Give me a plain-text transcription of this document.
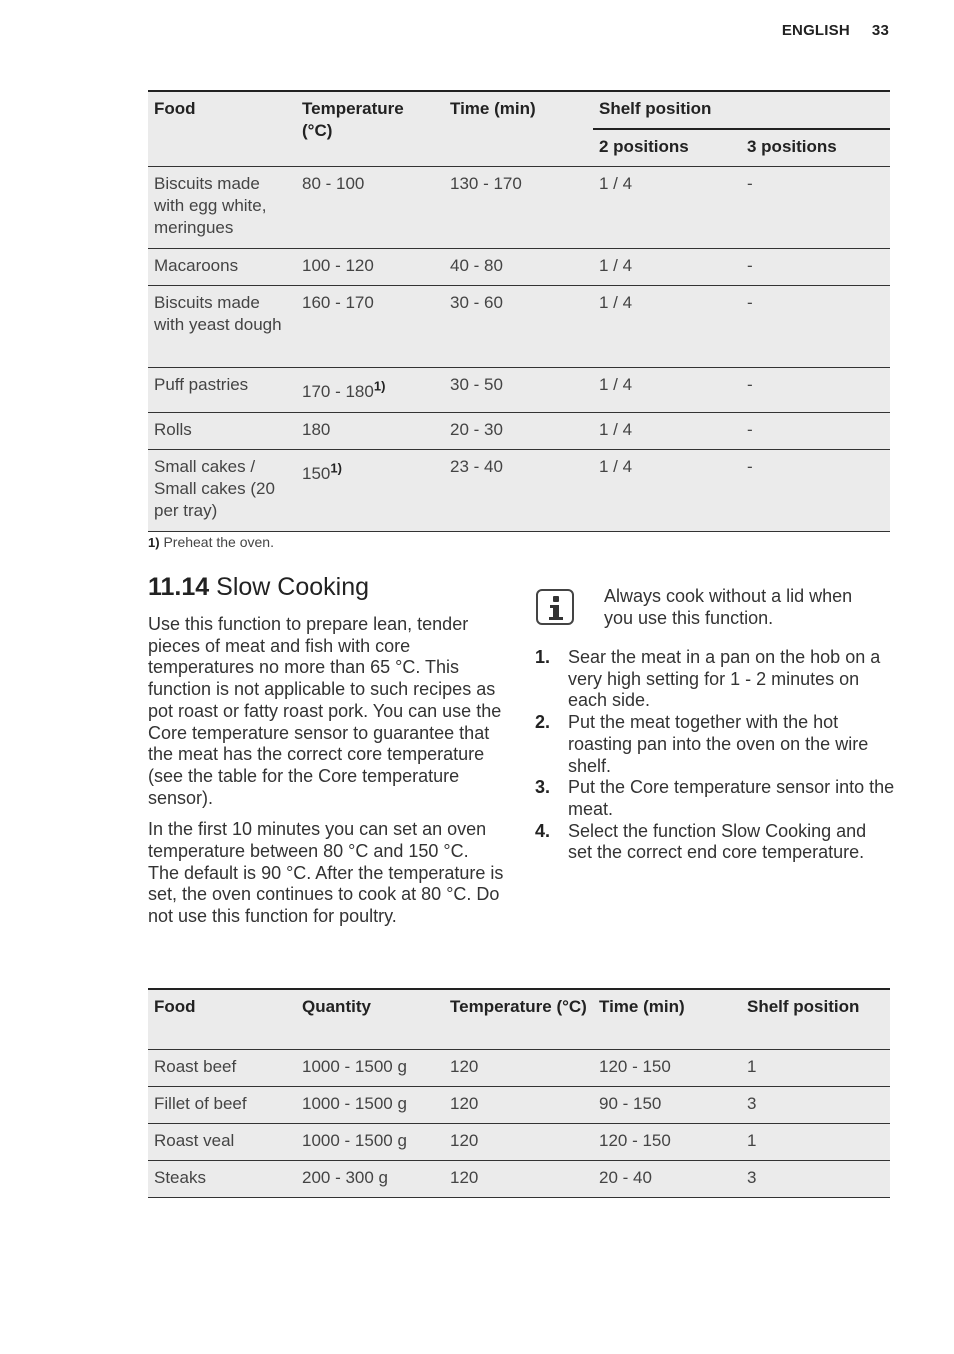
ENGLISH 33
Food	Temperature (°C)	Time (min)	Shelf position	
			2 positions	3 positions
Biscuits made with egg white, meringues	80 - 100	130 - 170	1 / 4	-
Macaroons	100 - 120	40 - 80	1 / 4	-
Biscuits made with yeast dough	160 - 170	30 - 60	1 / 4	-
Puff pastries	170 - 180$^{1)}$	30 - 50	1 / 4	-
Rolls	180	20 - 30	1 / 4	-
Small cakes / Small cakes (20 per tray)	150$^{1)}$	23 - 40	1 / 4	-
1) Preheat the oven.
11.14 Slow Cooking

Use this function to prepare lean, tender pieces of meat and fish with core temperatures no more than 65 °C. This function is not applicable to such recipes as pot roast or fatty roast pork. You can use the Core temperature sensor to guarantee that the meat has the correct core temperature (see the table for the Core temperature sensor).

In the first 10 minutes you can set an oven temperature between 80 °C and 150 °C. The default is 90 °C. After the temperature is set, the oven continues to cook at 80 °C. Do not use this function for poultry.

Always cook without a lid when you use this function.
1. Sear the meat in a pan on the hob on a very high setting for 1 - 2 minutes on each side.
2. Put the meat together with the hot roasting pan into the oven on the wire shelf.
3. Put the Core temperature sensor into the meat.
4. Select the function Slow Cooking and set the correct end core temperature.
Food	Quantity	Temperature (°C)	Time (min)	Shelf position
Roast beef	1000 - 1500 g	120	120 - 150	1
Fillet of beef	1000 - 1500 g	120	90 - 150	3
Roast veal	1000 - 1500 g	120	120 - 150	1
Steaks	200 - 300 g	120	20 - 40	3
